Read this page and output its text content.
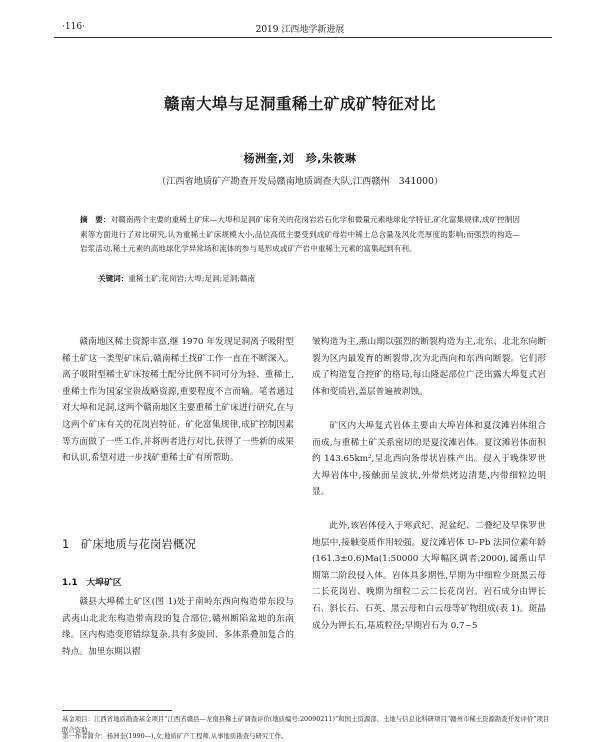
·116·	2019 江西地学新进展
赣南大埠与足洞重稀土矿成矿特征对比
杨洲奎,刘　珍,朱筱琳
（江西省地质矿产勘查开发局赣南地质调查大队,江西赣州　341000）
摘　要：对赣南两个主要的重稀土矿床—大埠和足洞矿床有关的花岗岩岩石化学和微量元素地球化学特征,矿化富集规律,成矿控制因素等方面进行了对比研究,认为重稀土矿床规模大小,品位高低主要受到成矿母岩中稀土总含量及风化壳厚度的影响;而强烈的构造—岩浆活动,稀土元素的高地球化学异常场和流体的参与是形成或矿产岩中重稀土元素的富集起到有利。
关键词：重稀土矿;花岗岩;大埠;足洞;足洞;赣南

赣南地区稀土资源丰富,继 1970 年发现足洞离子吸附型稀土矿这一类型矿床后,赣南稀土找矿工作一直在不断深入。离子吸附型稀土矿床按稀土配分比例不同可分为轻、重稀土,重稀土作为国家宝贵战略资源,重要程度不言而喻。笔者通过对大埠和足洞,这两个赣南地区主要重稀土矿床进行研究,在与这两个矿床有关的花岗岩特征、矿化富集规律,成矿控制因素等方面做了一些工作,并将两者进行对比,获得了一些新的成果和认识,希望对进一步找矿重稀土矿有所帮助。

1　矿床地质与花岗岩概况
1.1　大埠矿区

赣县大埠稀土矿区(图 1)处于南岭东西向构造带东段与武夷山北北东构造带南段的复合部位,赣州断陷盆地的东南缘。区内构造变形错综复杂,具有多旋回、多体系叠加复合的特点。加里东期以褶

皱构造为主,燕山期以强烈的断裂构造为主,北东、北北东向断裂为区内最发育的断裂带,次为北西向和东西向断裂。它们形成了构造复合控矿的格局,每山隆起部位广泛出露大埠复式岩体和变质岩,盖层普遍被剥蚀。

矿区内大埠复式岩体主要由大埠岩体和夏汶滩岩体组合而成,与重稀土矿关系密切的是夏汶滩岩体。夏汶滩岩体面积约 143.65km²,呈北西向条带状岩株产出。侵入于晚侏罗世大埠岩体中,接触面呈波状,外带烘烤边清楚,内带细粒边明显。

此外,该岩体侵入于寒武纪、泥盆纪、二叠纪及早侏罗世地层中,接触变质作用较强。夏汶滩岩体 U–Pb 法同位素年龄(161.3±0.6)Ma(1:50000 大埠幅区调者,2000),属燕山早期第二阶段侵入体。岩体具多期性,早期为中细粒少斑黑云母二长花岗岩、晚期为细粒二云二长花岗岩。岩石成分由钾长石、斜长石、石英、黑云母和白云母等矿物组成(表 1)。斑晶成分为钾长石,基质粒径;早期岩石为 0.7~5

基金项目：江西省地质勘查基金项目“江西省赣县—龙南县稀土矿调查评价(地质编号:20090211)”和国土资源部、土地与信息化科研项目“赣州市稀土资源勘查开发评价”项目联合资助。
第一作者简介：杨洲奎(1990—),女,地质矿产工程师,从事地质勘查与研究工作。
